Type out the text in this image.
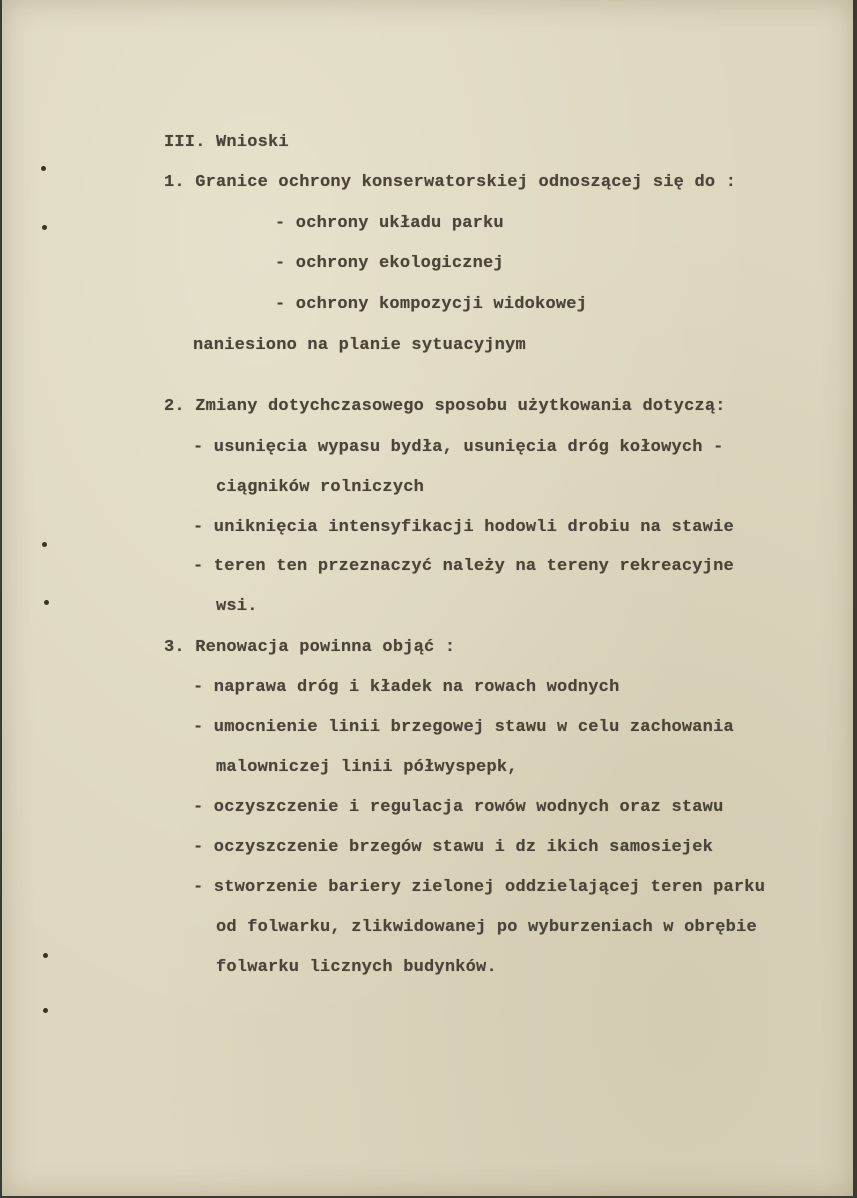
III. Wnioski
1. Granice ochrony konserwatorskiej odnoszącej się do :
- ochrony układu parku
- ochrony ekologicznej
- ochrony kompozycji widokowej
naniesiono na planie sytuacyjnym
2. Zmiany dotychczasowego sposobu użytkowania dotyczą:
- usunięcia wypasu bydła, usunięcia dróg kołowych -
ciągników rolniczych
- uniknięcia intensyfikacji hodowli drobiu na stawie
- teren ten przeznaczyć należy na tereny rekreacyjne
wsi.
3. Renowacja powinna objąć :
- naprawa dróg i kładek na rowach wodnych
- umocnienie linii brzegowej stawu w celu zachowania
malowniczej linii półwyspepk,
- oczyszczenie i regulacja rowów wodnych oraz stawu
- oczyszczenie brzegów stawu i dz ikich samosiejek
- stworzenie bariery zielonej oddzielającej teren parku
od folwarku, zlikwidowanej po wyburzeniach w obrębie
folwarku licznych budynków.
